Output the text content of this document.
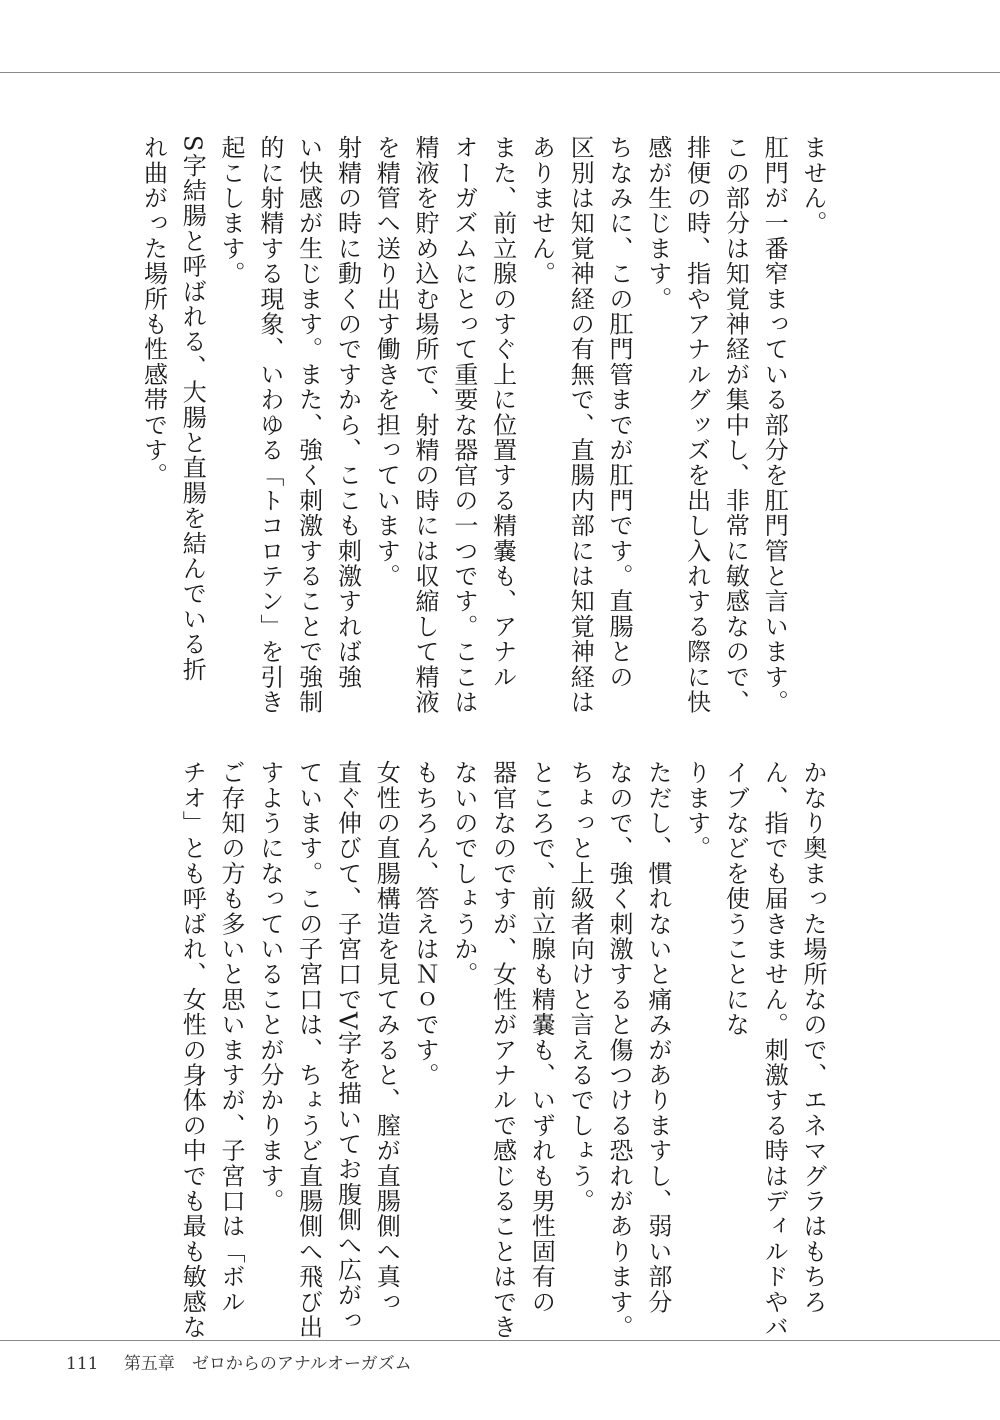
ません。
肛門が一番窄まっている部分を肛門管と言います。
この部分は知覚神経が集中し、非常に敏感なので、
排便の時、指やアナルグッズを出し入れする際に快
感が生じます。
ちなみに、この肛門管までが肛門です。直腸との
区別は知覚神経の有無で、直腸内部には知覚神経は
ありません。
また、前立腺のすぐ上に位置する精嚢も、アナル
オーガズムにとって重要な器官の一つです。ここは
精液を貯め込む場所で、射精の時には収縮して精液
を精管へ送り出す働きを担っています。
射精の時に動くのですから、ここも刺激すれば強
い快感が生じます。また、強く刺激することで強制
的に射精する現象、いわゆる「トコロテン」を引き
起こします。
S字結腸と呼ばれる、大腸と直腸を結んでいる折
れ曲がった場所も性感帯です。
かなり奥まった場所なので、エネマグラはもちろ
ん、指でも届きません。刺激する時はディルドやバ
イブなどを使うことにな
ります。
ただし、慣れないと痛みがありますし、弱い部分
なので、強く刺激すると傷つける恐れがあります。
ちょっと上級者向けと言えるでしょう。
ところで、前立腺も精嚢も、いずれも男性固有の
器官なのですが、女性がアナルで感じることはでき
ないのでしょうか。
もちろん、答えはＮｏです。
女性の直腸構造を見てみると、膣が直腸側へ真っ
直ぐ伸びて、子宮口でV字を描いてお腹側へ広がっ
ています。この子宮口は、ちょうど直腸側へ飛び出
すようになっていることが分かります。
ご存知の方も多いと思いますが、子宮口は「ボル
チオ」とも呼ばれ、女性の身体の中でも最も敏感な
111 第五章　ゼロからのアナルオーガズム
